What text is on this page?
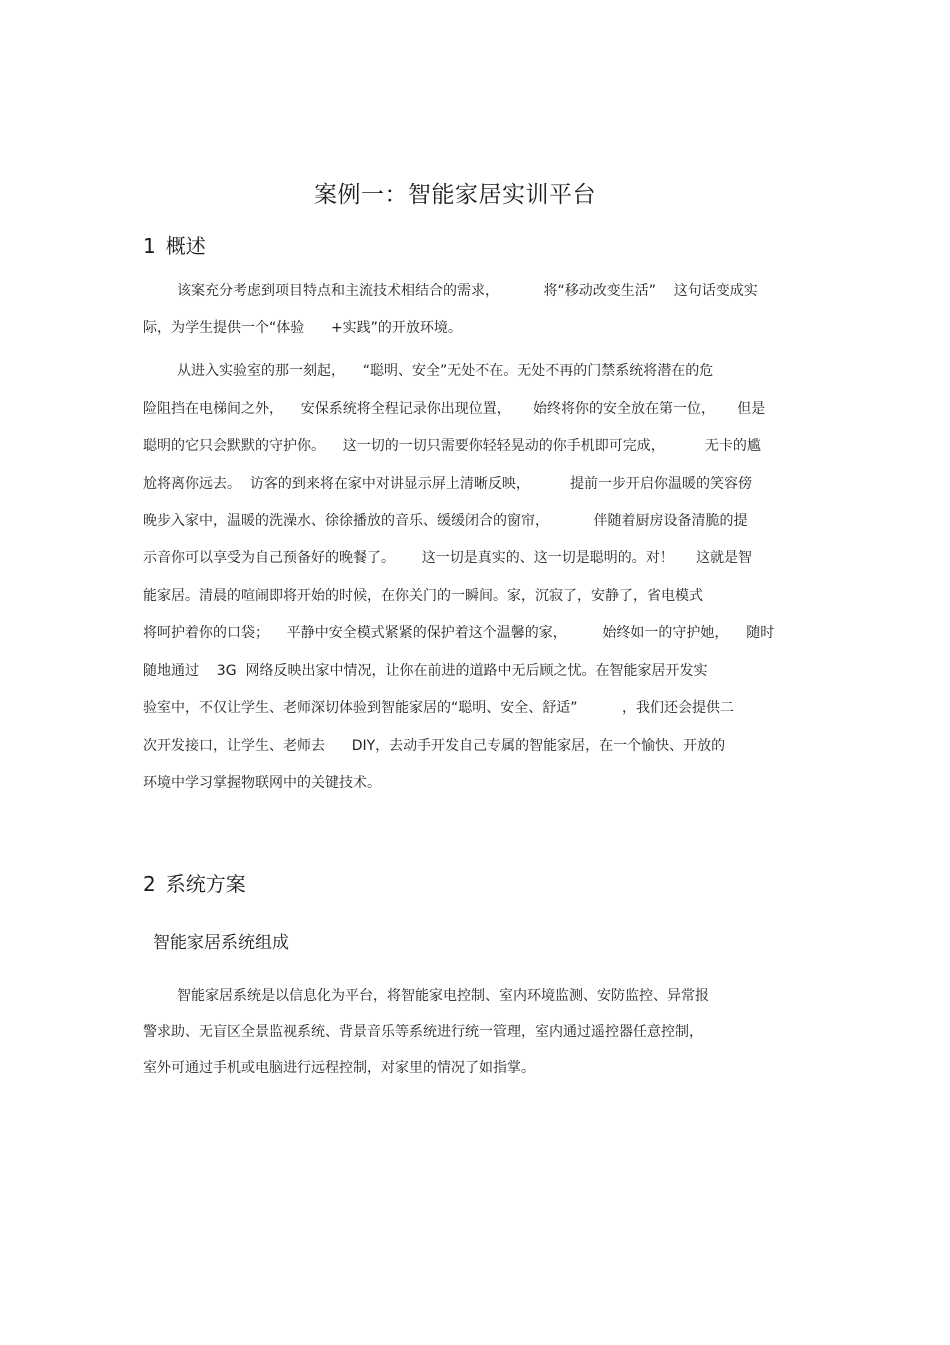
案例一：智能家居实训平台
1 概述
该案充分考虑到项目特点和主流技术相结合的需求，          将“移动改变生活”    这句话变成实
际，为学生提供一个“体验      +实践”的开放环境。
从进入实验室的那一刻起，    “聪明、安全”无处不在。无处不再的门禁系统将潜在的危
险阻挡在电梯间之外，    安保系统将全程记录你出现位置，     始终将你的安全放在第一位，     但是
聪明的它只会默默的守护你。    这一切的一切只需要你轻轻晃动的你手机即可完成，         无卡的尴
尬将离你远去。  访客的到来将在家中对讲显示屏上清晰反映，         提前一步开启你温暖的笑容傍
晚步入家中，温暖的洗澡水、徐徐播放的音乐、缓缓闭合的窗帘，          伴随着厨房设备清脆的提
示音你可以享受为自己预备好的晚餐了。      这一切是真实的、这一切是聪明的。对！     这就是智
能家居。清晨的喧闹即将开始的时候，在你关门的一瞬间。家，沉寂了，安静了，省电模式
将呵护着你的口袋；    平静中安全模式紧紧的保护着这个温馨的家，        始终如一的守护她，    随时
随地通过    3G  网络反映出家中情况，让你在前进的道路中无后顾之忧。在智能家居开发实
验室中，不仅让学生、老师深切体验到智能家居的“聪明、安全、舒适”          ，我们还会提供二
次开发接口，让学生、老师去      DIY，去动手开发自己专属的智能家居，在一个愉快、开放的
环境中学习掌握物联网中的关键技术。
2 系统方案
智能家居系统组成
智能家居系统是以信息化为平台，将智能家电控制、室内环境监测、安防监控、异常报
警求助、无盲区全景监视系统、背景音乐等系统进行统一管理，室内通过遥控器任意控制，
室外可通过手机或电脑进行远程控制，对家里的情况了如指掌。
